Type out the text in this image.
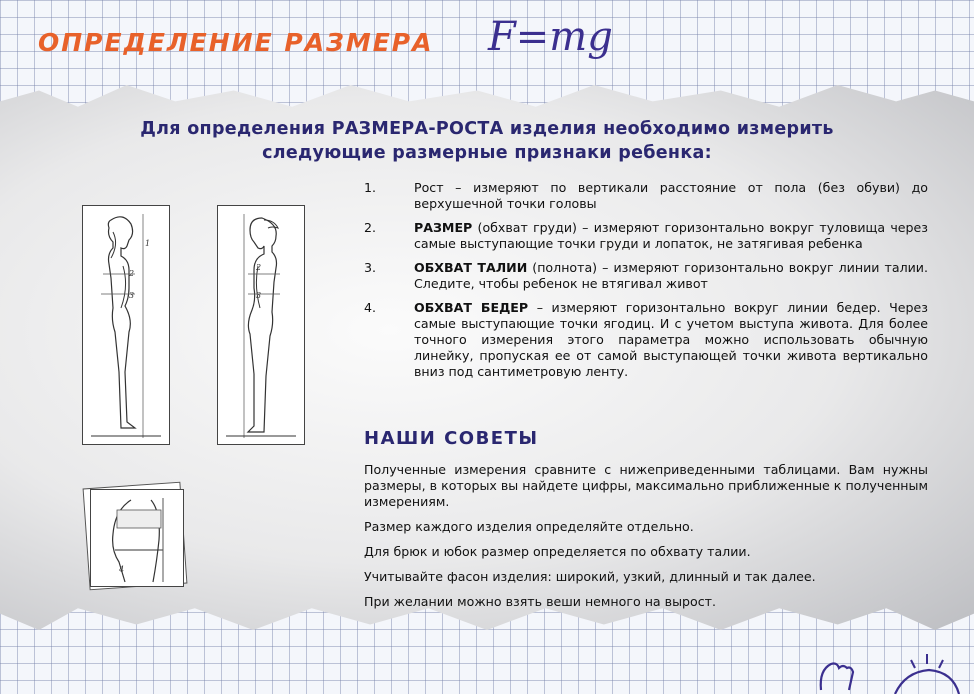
ОПРЕДЕЛЕНИЕ РАЗМЕРА F=mg
Для определения РАЗМЕРА-РОСТА изделия необходимо измерить
следующие размерные признаки ребенка:
1
2
3
2
3
4
1.	Рост – измеряют по вертикали расстояние от пола (без обуви) до верхушечной точки головы
2.	РАЗМЕР (обхват груди) – измеряют горизонтально вокруг туловища через самые выступающие точки груди и лопаток, не затягивая ребенка
3.	ОБХВАТ ТАЛИИ (полнота) – измеряют горизонтально вокруг линии талии. Следите, чтобы ребенок не втягивал живот
4.	ОБХВАТ БЕДЕР – измеряют горизонтально вокруг линии бедер. Через самые выступающие точки ягодиц. И с учетом выступа живота. Для более точного измерения этого параметра можно использовать обычную линейку, пропуская ее от самой выступающей точки живота вертикально вниз под сантиметровую ленту.
НАШИ СОВЕТЫ

Полученные измерения сравните с нижеприведенными таблицами. Вам нужны размеры, в которых вы найдете цифры, максимально приближенные к полученным измерениям.

Размер каждого изделия определяйте отдельно.

Для брюк и юбок размер определяется по обхвату талии.

Учитывайте фасон изделия: широкий, узкий, длинный и так далее.

При желании можно взять веши немного на вырост.
